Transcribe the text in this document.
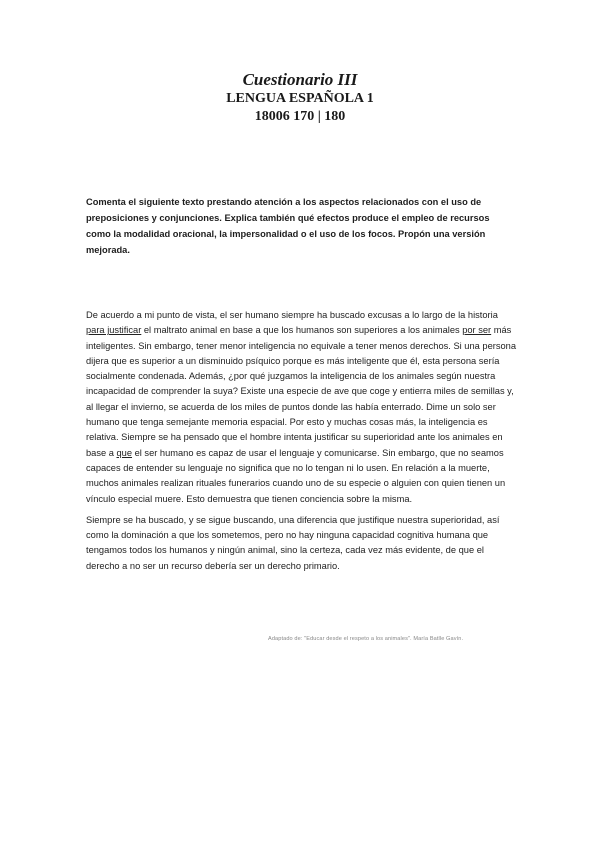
Cuestionario III
LENGUA ESPAÑOLA 1
18006 170 | 180
Comenta el siguiente texto prestando atención a los aspectos relacionados con el uso de preposiciones y conjunciones. Explica también qué efectos produce el empleo de recursos como la modalidad oracional, la impersonalidad o el uso de los focos. Propón una versión mejorada.

De acuerdo a mi punto de vista, el ser humano siempre ha buscado excusas a lo largo de la historia para justificar el maltrato animal en base a que los humanos son superiores a los animales por ser más inteligentes. Sin embargo, tener menor inteligencia no equivale a tener menos derechos. Si una persona dijera que es superior a un disminuido psíquico porque es más inteligente que él, esta persona sería socialmente condenada. Además, ¿por qué juzgamos la inteligencia de los animales según nuestra incapacidad de comprender la suya? Existe una especie de ave que coge y entierra miles de semillas y, al llegar el invierno, se acuerda de los miles de puntos donde las había enterrado. Dime un solo ser humano que tenga semejante memoria espacial. Por esto y muchas cosas más, la inteligencia es relativa. Siempre se ha pensado que el hombre intenta justificar su superioridad ante los animales en base a que el ser humano es capaz de usar el lenguaje y comunicarse. Sin embargo, que no seamos capaces de entender su lenguaje no significa que no lo tengan ni lo usen. En relación a la muerte, muchos animales realizan rituales funerarios cuando uno de su especie o alguien con quien tienen un vínculo especial muere. Esto demuestra que tienen conciencia sobre la misma.

Siempre se ha buscado, y se sigue buscando, una diferencia que justifique nuestra superioridad, así como la dominación a que los sometemos, pero no hay ninguna capacidad cognitiva humana que tengamos todos los humanos y ningún animal, sino la certeza, cada vez más evidente, de que el derecho a no ser un recurso debería ser un derecho primario.

Adaptado de: "Educar desde el respeto a los animales". María Batlle Gavín.
